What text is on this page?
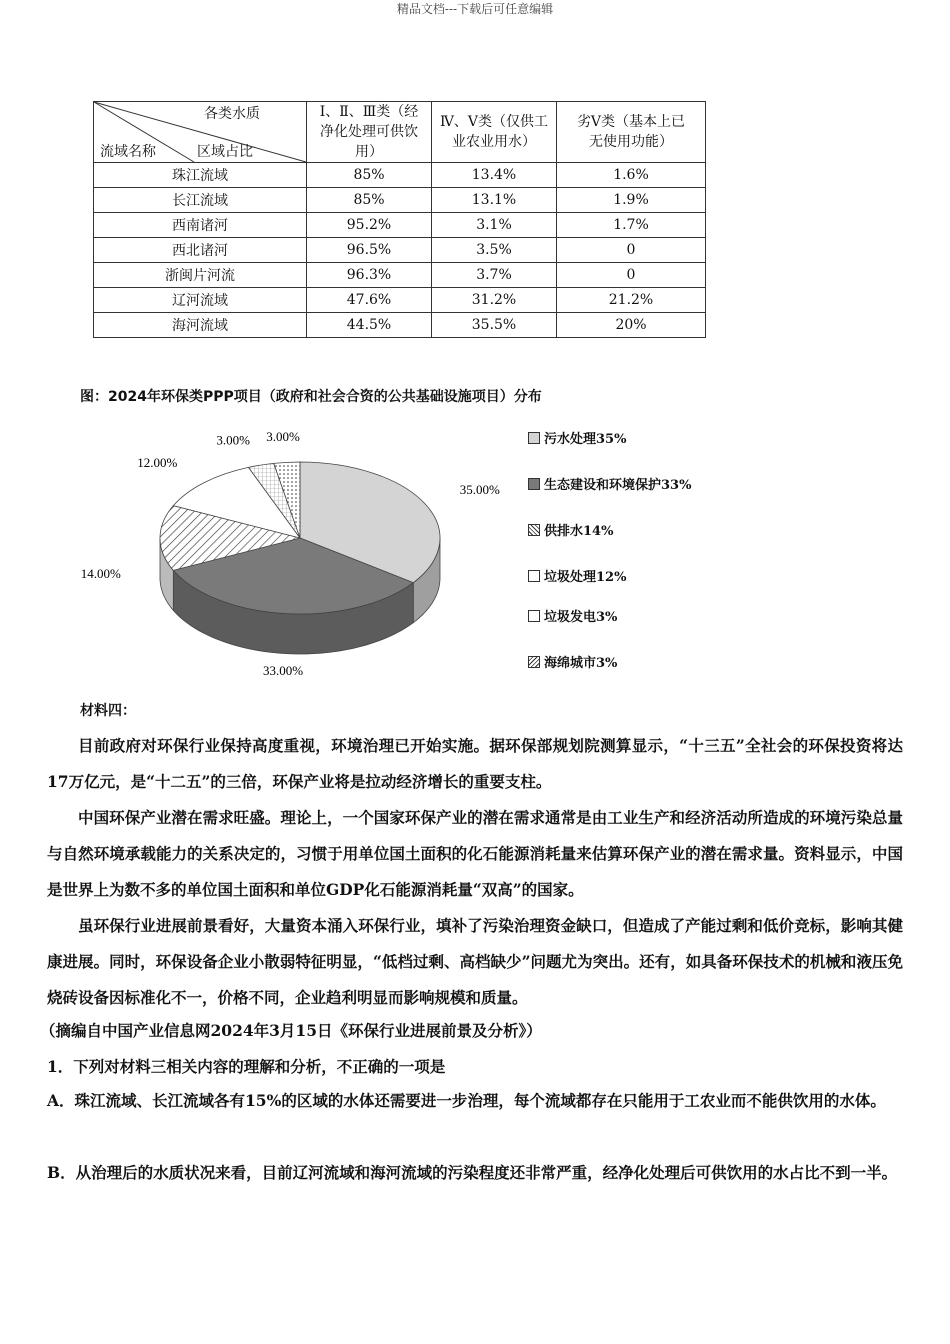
精品文档---下载后可任意编辑
各类水质
流域名称 区域占比	Ⅰ、Ⅱ、Ⅲ类（经净化处理可供饮用）	Ⅳ、Ⅴ类（仅供工业农业用水）	劣Ⅴ类（基本上已无使用功能）

珠江流域	85%	13.4%	1.6%
长江流域	85%	13.1%	1.9%
西南诸河	95.2%	3.1%	1.7%
西北诸河	96.5%	3.5%	0
浙闽片河流	96.3%	3.7%	0
辽河流域	47.6%	31.2%	21.2%
海河流域	44.5%	35.5%	20%
图：2024年环保类PPP项目（政府和社会合资的公共基础设施项目）分布
35.00%
33.00%
14.00%
12.00%
3.00% 3.00%	污水处理35%
生态建设和环境保护33%
供排水14%
垃圾处理12%
垃圾发电3%
海绵城市3%
材料四：
目前政府对环保行业保持高度重视，环境治理已开始实施。据环保部规划院测算显示，“十三五”全社会的环保投资将达17万亿元，是“十二五”的三倍，环保产业将是拉动经济增长的重要支柱。
中国环保产业潜在需求旺盛。理论上，一个国家环保产业的潜在需求通常是由工业生产和经济活动所造成的环境污染总量与自然环境承载能力的关系决定的，习惯于用单位国土面积的化石能源消耗量来估算环保产业的潜在需求量。资料显示，中国是世界上为数不多的单位国土面积和单位GDP化石能源消耗量“双高”的国家。
虽环保行业进展前景看好，大量资本涌入环保行业，填补了污染治理资金缺口，但造成了产能过剩和低价竞标，影响其健康进展。同时，环保设备企业小散弱特征明显，“低档过剩、高档缺少”问题尤为突出。还有，如具备环保技术的机械和液压免烧砖设备因标准化不一，价格不同，企业趋利明显而影响规模和质量。
（摘编自中国产业信息网2024年3月15日《环保行业进展前景及分析》）
1．下列对材料三相关内容的理解和分析，不正确的一项是
A．珠江流域、长江流域各有15%的区域的水体还需要进一步治理，每个流域都存在只能用于工农业而不能供饮用的水体。
B．从治理后的水质状况来看，目前辽河流域和海河流域的污染程度还非常严重，经净化处理后可供饮用的水占比不到一半。
